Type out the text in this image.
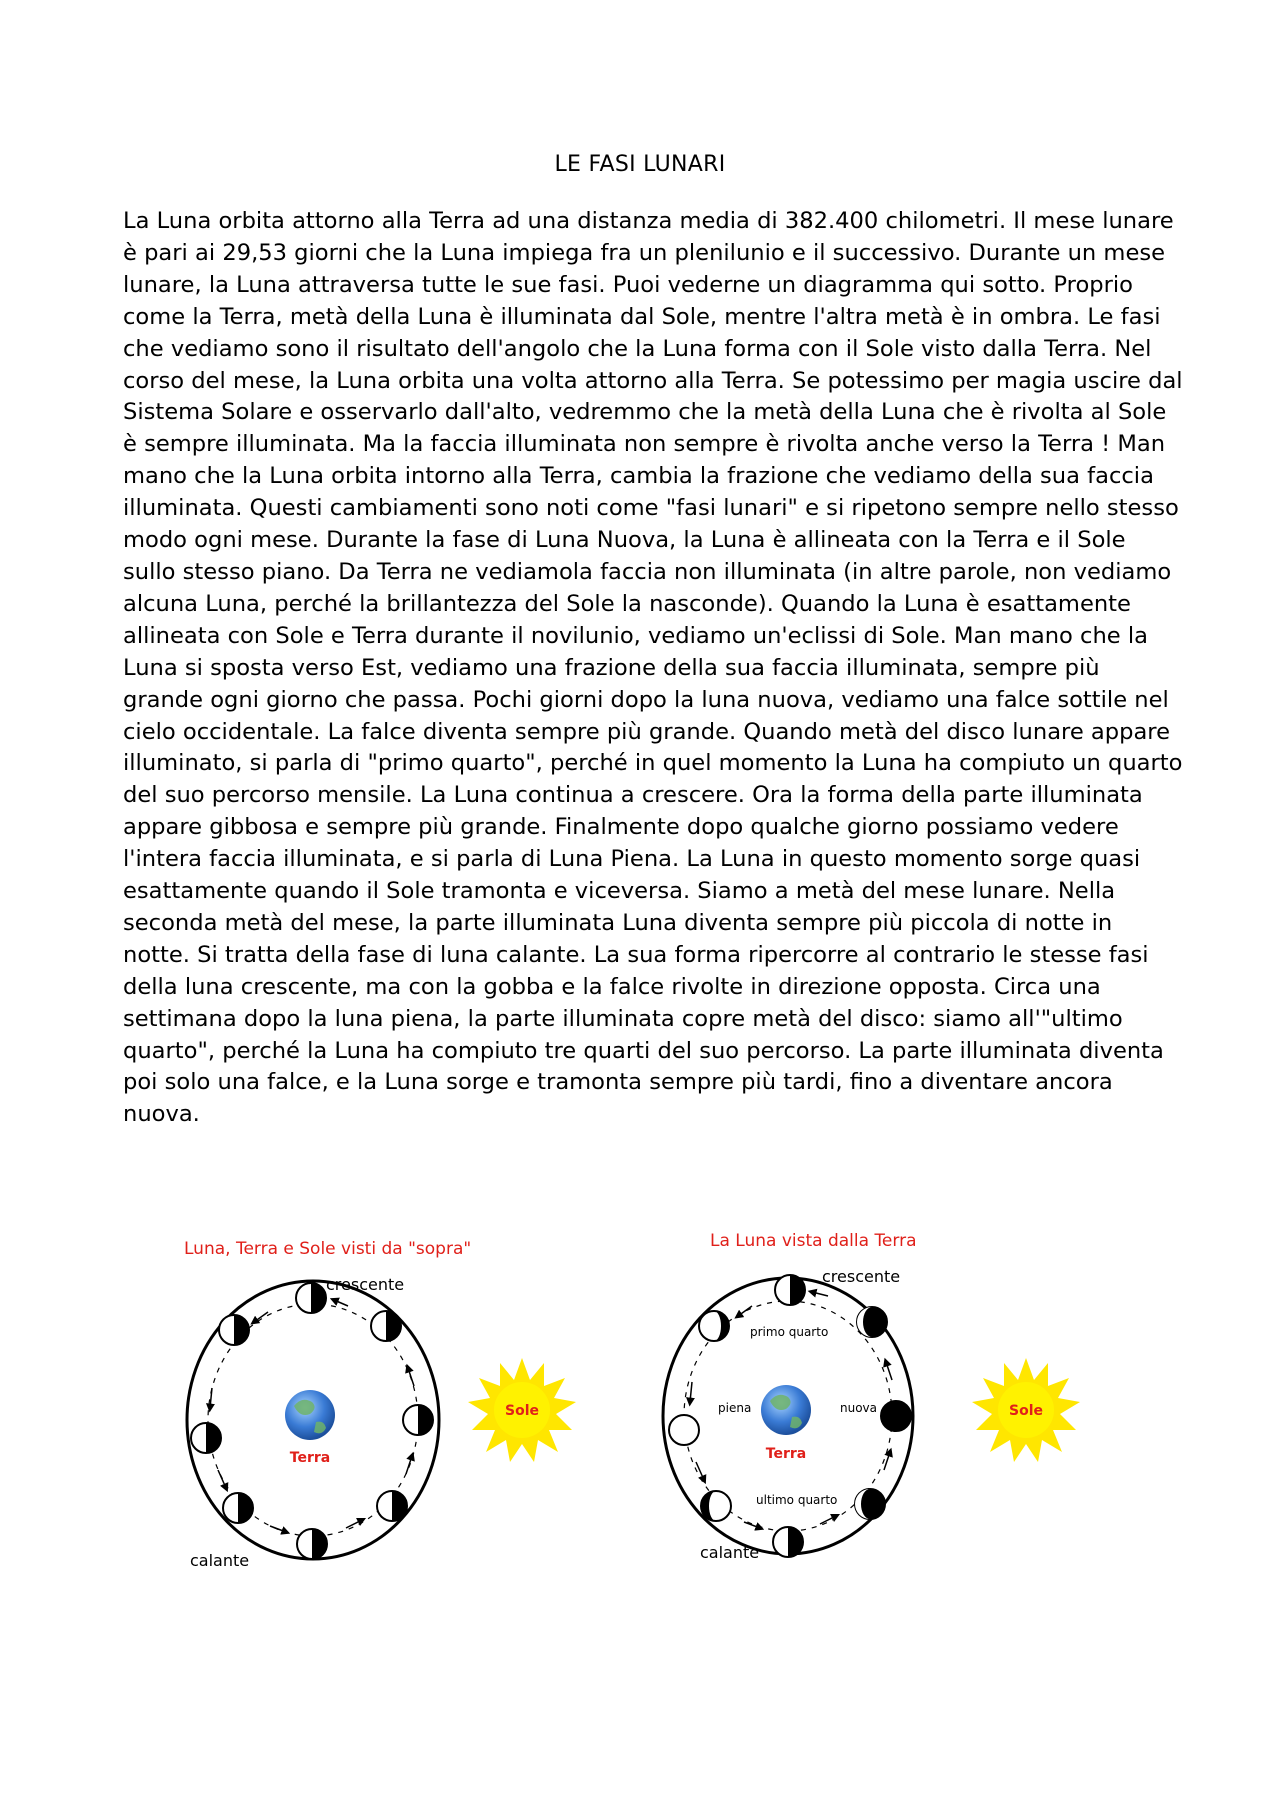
LE FASI LUNARI

La Luna orbita attorno alla Terra ad una distanza media di 382.400 chilometri. Il mese lunare è pari ai 29,53 giorni che la Luna impiega fra un plenilunio e il successivo. Durante un mese lunare, la Luna attraversa tutte le sue fasi. Puoi vederne un diagramma qui sotto. Proprio come la Terra, metà della Luna è illuminata dal Sole, mentre l'altra metà è in ombra. Le fasi che vediamo sono il risultato dell'angolo che la Luna forma con il Sole visto dalla Terra. Nel corso del mese, la Luna orbita una volta attorno alla Terra. Se potessimo per magia uscire dal Sistema Solare e osservarlo dall'alto, vedremmo che la metà della Luna che è rivolta al Sole è sempre illuminata. Ma la faccia illuminata non sempre è rivolta anche verso la Terra ! Man mano che la Luna orbita intorno alla Terra, cambia la frazione che vediamo della sua faccia illuminata. Questi cambiamenti sono noti come "fasi lunari" e si ripetono sempre nello stesso modo ogni mese. Durante la fase di Luna Nuova, la Luna è allineata con la Terra e il Sole sullo stesso piano. Da Terra ne vediamola faccia non illuminata (in altre parole, non vediamo alcuna Luna, perché la brillantezza del Sole la nasconde). Quando la Luna è esattamente allineata con Sole e Terra durante il novilunio, vediamo un'eclissi di Sole. Man mano che la Luna si sposta verso Est, vediamo una frazione della sua faccia illuminata, sempre più grande ogni giorno che passa. Pochi giorni dopo la luna nuova, vediamo una falce sottile nel cielo occidentale. La falce diventa sempre più grande. Quando metà del disco lunare appare illuminato, si parla di "primo quarto", perché in quel momento la Luna ha compiuto un quarto del suo percorso mensile. La Luna continua a crescere. Ora la forma della parte illuminata appare gibbosa e sempre più grande. Finalmente dopo qualche giorno possiamo vedere l'intera faccia illuminata, e si parla di Luna Piena. La Luna in questo momento sorge quasi esattamente quando il Sole tramonta e viceversa. Siamo a metà del mese lunare. Nella seconda metà del mese, la parte illuminata Luna diventa sempre più piccola di notte in notte. Si tratta della fase di luna calante. La sua forma ripercorre al contrario le stesse fasi della luna crescente, ma con la gobba e la falce rivolte in direzione opposta. Circa una settimana dopo la luna piena, la parte illuminata copre metà del disco: siamo all'"ultimo quarto", perché la Luna ha compiuto tre quarti del suo percorso. La parte illuminata diventa poi solo una falce, e la Luna sorge e tramonta sempre più tardi, fino a diventare ancora nuova.

Luna, Terra e Sole visti da "sopra"
Terra
crescente
calante
Sole
La Luna vista dalla Terra
Terra
crescente
calante
primo quarto
piena	nuova
ultimo quarto
Sole
